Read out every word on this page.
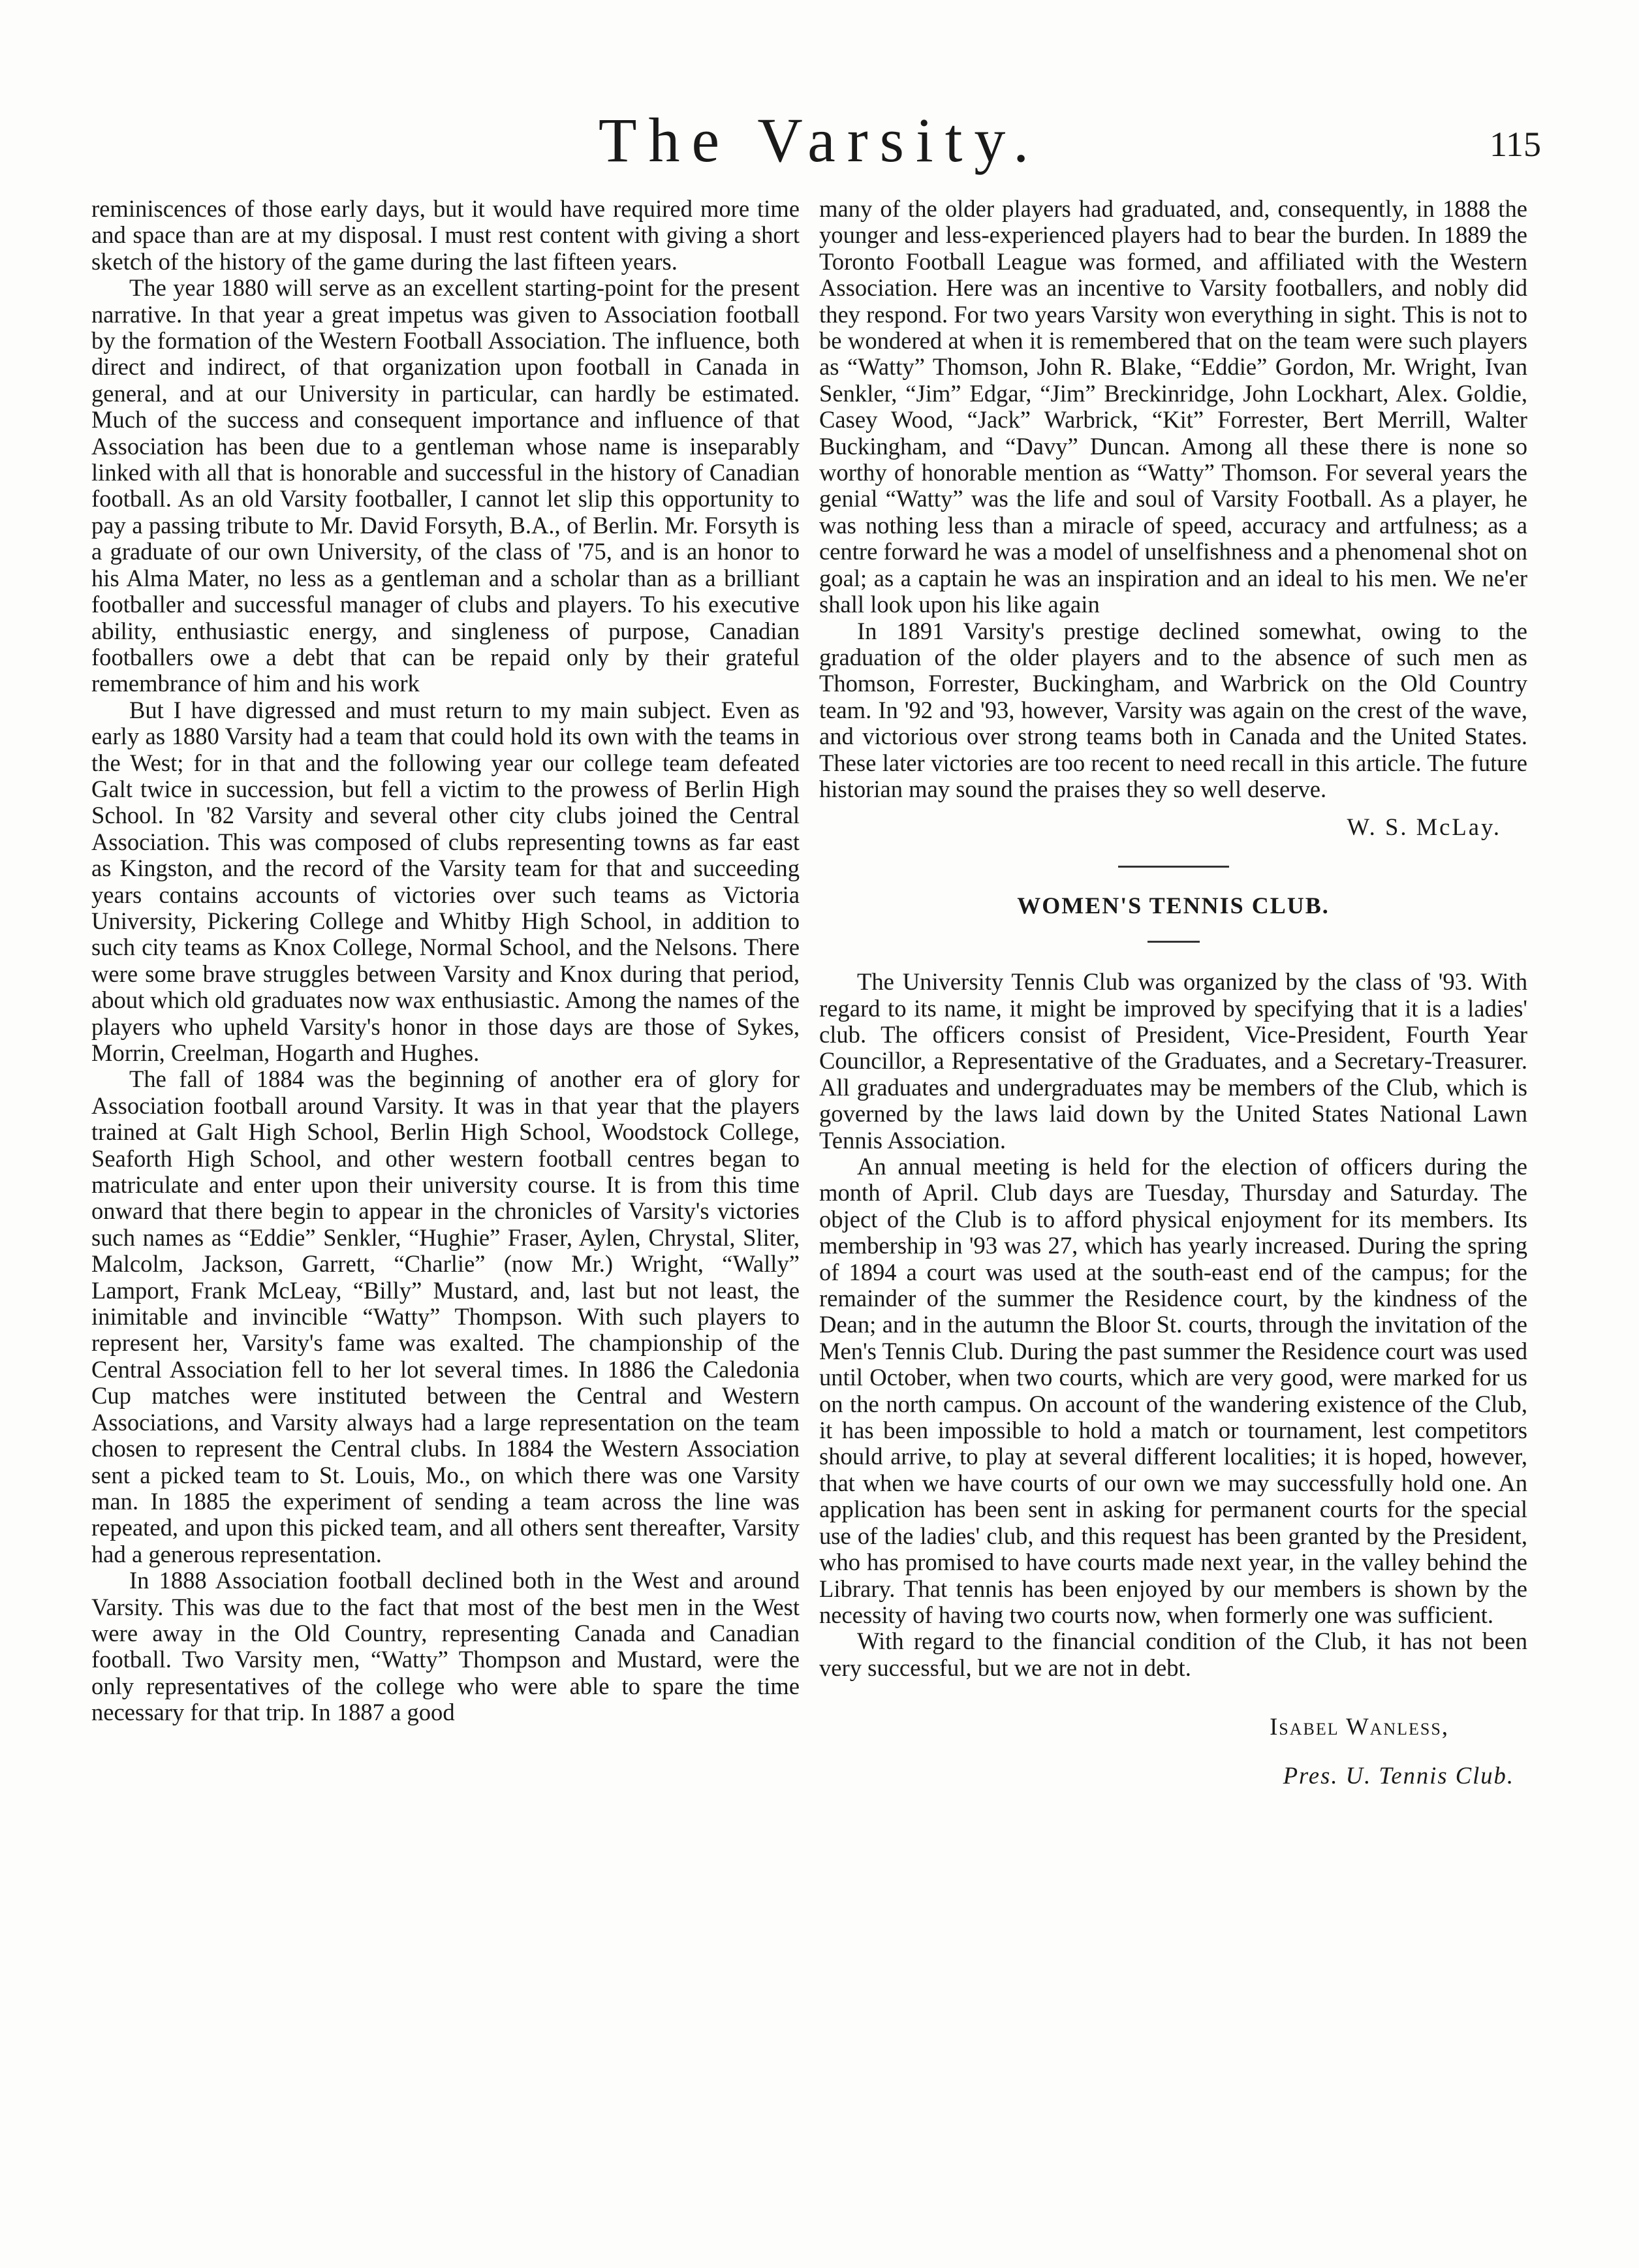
The Varsity.	115

reminiscences of those early days, but it would have required more time and space than are at my disposal. I must rest content with giving a short sketch of the history of the game during the last fifteen years.

The year 1880 will serve as an excellent starting-point for the present narrative. In that year a great impetus was given to Association football by the formation of the Western Football Association. The influence, both direct and indirect, of that organization upon football in Canada in general, and at our University in particular, can hardly be estimated. Much of the success and consequent importance and influence of that Association has been due to a gentleman whose name is inseparably linked with all that is honorable and successful in the history of Canadian football. As an old Varsity footballer, I cannot let slip this opportunity to pay a passing tribute to Mr. David Forsyth, B.A., of Berlin. Mr. Forsyth is a graduate of our own University, of the class of '75, and is an honor to his Alma Mater, no less as a gentleman and a scholar than as a brilliant footballer and successful manager of clubs and players. To his executive ability, enthusiastic energy, and singleness of purpose, Canadian footballers owe a debt that can be repaid only by their grateful remembrance of him and his work

But I have digressed and must return to my main subject. Even as early as 1880 Varsity had a team that could hold its own with the teams in the West; for in that and the following year our college team defeated Galt twice in succession, but fell a victim to the prowess of Berlin High School. In '82 Varsity and several other city clubs joined the Central Association. This was composed of clubs representing towns as far east as Kingston, and the record of the Varsity team for that and succeeding years contains accounts of victories over such teams as Victoria University, Pickering College and Whitby High School, in addition to such city teams as Knox College, Normal School, and the Nelsons. There were some brave struggles between Varsity and Knox during that period, about which old graduates now wax enthusiastic. Among the names of the players who upheld Varsity's honor in those days are those of Sykes, Morrin, Creelman, Hogarth and Hughes.

The fall of 1884 was the beginning of another era of glory for Association football around Varsity. It was in that year that the players trained at Galt High School, Berlin High School, Woodstock College, Seaforth High School, and other western football centres began to matriculate and enter upon their university course. It is from this time onward that there begin to appear in the chronicles of Varsity's victories such names as “Eddie” Senkler, “Hughie” Fraser, Aylen, Chrystal, Sliter, Malcolm, Jackson, Garrett, “Charlie” (now Mr.) Wright, “Wally” Lamport, Frank McLeay, “Billy” Mustard, and, last but not least, the inimitable and invincible “Watty” Thompson. With such players to represent her, Varsity's fame was exalted. The championship of the Central Association fell to her lot several times. In 1886 the Caledonia Cup matches were instituted between the Central and Western Associations, and Varsity always had a large representation on the team chosen to represent the Central clubs. In 1884 the Western Association sent a picked team to St. Louis, Mo., on which there was one Varsity man. In 1885 the experiment of sending a team across the line was repeated, and upon this picked team, and all others sent thereafter, Varsity had a generous representation.

In 1888 Association football declined both in the West and around Varsity. This was due to the fact that most of the best men in the West were away in the Old Country, representing Canada and Canadian football. Two Varsity men, “Watty” Thompson and Mustard, were the only representatives of the college who were able to spare the time necessary for that trip. In 1887 a good

many of the older players had graduated, and, consequently, in 1888 the younger and less-experienced players had to bear the burden. In 1889 the Toronto Football League was formed, and affiliated with the Western Association. Here was an incentive to Varsity footballers, and nobly did they respond. For two years Varsity won everything in sight. This is not to be wondered at when it is remembered that on the team were such players as “Watty” Thomson, John R. Blake, “Eddie” Gordon, Mr. Wright, Ivan Senkler, “Jim” Edgar, “Jim” Breckinridge, John Lockhart, Alex. Goldie, Casey Wood, “Jack” Warbrick, “Kit” Forrester, Bert Merrill, Walter Buckingham, and “Davy” Duncan. Among all these there is none so worthy of honorable mention as “Watty” Thomson. For several years the genial “Watty” was the life and soul of Varsity Football. As a player, he was nothing less than a miracle of speed, accuracy and artfulness; as a centre forward he was a model of unselfishness and a phenomenal shot on goal; as a captain he was an inspiration and an ideal to his men. We ne'er shall look upon his like again

In 1891 Varsity's prestige declined somewhat, owing to the graduation of the older players and to the absence of such men as Thomson, Forrester, Buckingham, and Warbrick on the Old Country team. In '92 and '93, however, Varsity was again on the crest of the wave, and victorious over strong teams both in Canada and the United States. These later victories are too recent to need recall in this article. The future historian may sound the praises they so well deserve.

W. S. McLay.
WOMEN'S TENNIS CLUB.

The University Tennis Club was organized by the class of '93. With regard to its name, it might be improved by specifying that it is a ladies' club. The officers consist of President, Vice-President, Fourth Year Councillor, a Representative of the Graduates, and a Secretary-Treasurer. All graduates and undergraduates may be members of the Club, which is governed by the laws laid down by the United States National Lawn Tennis Association.

An annual meeting is held for the election of officers during the month of April. Club days are Tuesday, Thursday and Saturday. The object of the Club is to afford physical enjoyment for its members. Its membership in '93 was 27, which has yearly increased. During the spring of 1894 a court was used at the south-east end of the campus; for the remainder of the summer the Residence court, by the kindness of the Dean; and in the autumn the Bloor St. courts, through the invitation of the Men's Tennis Club. During the past summer the Residence court was used until October, when two courts, which are very good, were marked for us on the north campus. On account of the wandering existence of the Club, it has been impossible to hold a match or tournament, lest competitors should arrive, to play at several different localities; it is hoped, however, that when we have courts of our own we may successfully hold one. An application has been sent in asking for permanent courts for the special use of the ladies' club, and this request has been granted by the President, who has promised to have courts made next year, in the valley behind the Library. That tennis has been enjoyed by our members is shown by the necessity of having two courts now, when formerly one was sufficient.

With regard to the financial condition of the Club, it has not been very successful, but we are not in debt.

Isabel Wanless,
Pres. U. Tennis Club.
